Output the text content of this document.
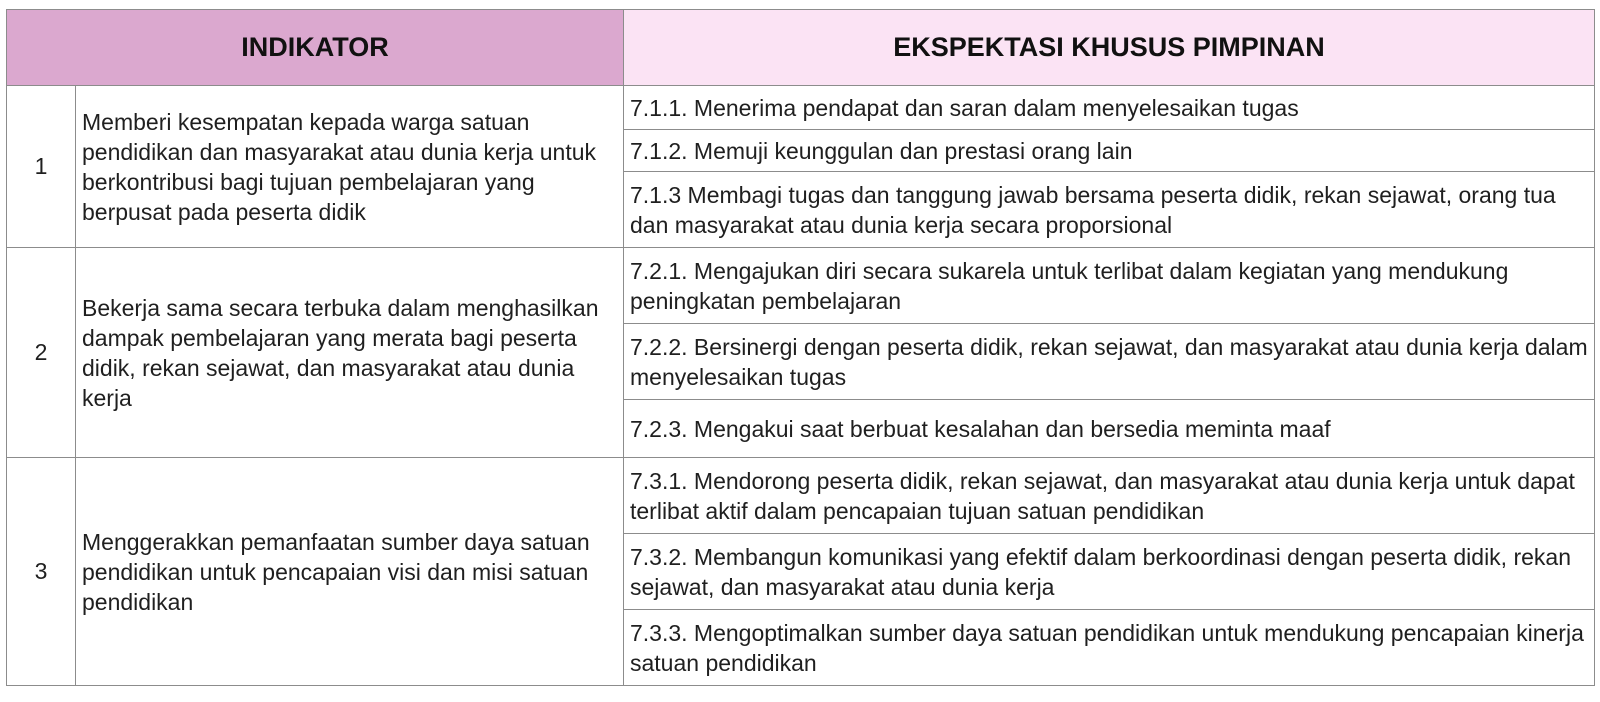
INDIKATOR		EKSPEKTASI KHUSUS PIMPINAN
1	Memberi kesempatan kepada warga satuan pendidikan dan masyarakat atau dunia kerja untuk berkontribusi bagi tujuan pembelajaran yang berpusat pada peserta didik	7.1.1. Menerima pendapat dan saran dalam menyelesaikan tugas
		7.1.2. Memuji keunggulan dan prestasi orang lain
		7.1.3 Membagi tugas dan tanggung jawab bersama peserta didik, rekan sejawat, orang tua dan masyarakat atau dunia kerja secara proporsional
2	Bekerja sama secara terbuka dalam menghasilkan dampak pembelajaran yang merata bagi peserta didik, rekan sejawat, dan masyarakat atau dunia kerja	7.2.1. Mengajukan diri secara sukarela untuk terlibat dalam kegiatan yang mendukung peningkatan pembelajaran
		7.2.2. Bersinergi dengan peserta didik, rekan sejawat, dan masyarakat atau dunia kerja dalam menyelesaikan tugas
		7.2.3. Mengakui saat berbuat kesalahan dan bersedia meminta maaf
3	Menggerakkan pemanfaatan sumber daya satuan pendidikan untuk pencapaian visi dan misi satuan pendidikan	7.3.1. Mendorong peserta didik, rekan sejawat, dan masyarakat atau dunia kerja untuk dapat terlibat aktif dalam pencapaian tujuan satuan pendidikan
		7.3.2. Membangun komunikasi yang efektif dalam berkoordinasi dengan peserta didik, rekan sejawat, dan masyarakat atau dunia kerja
		7.3.3. Mengoptimalkan sumber daya satuan pendidikan untuk mendukung pencapaian kinerja satuan pendidikan
